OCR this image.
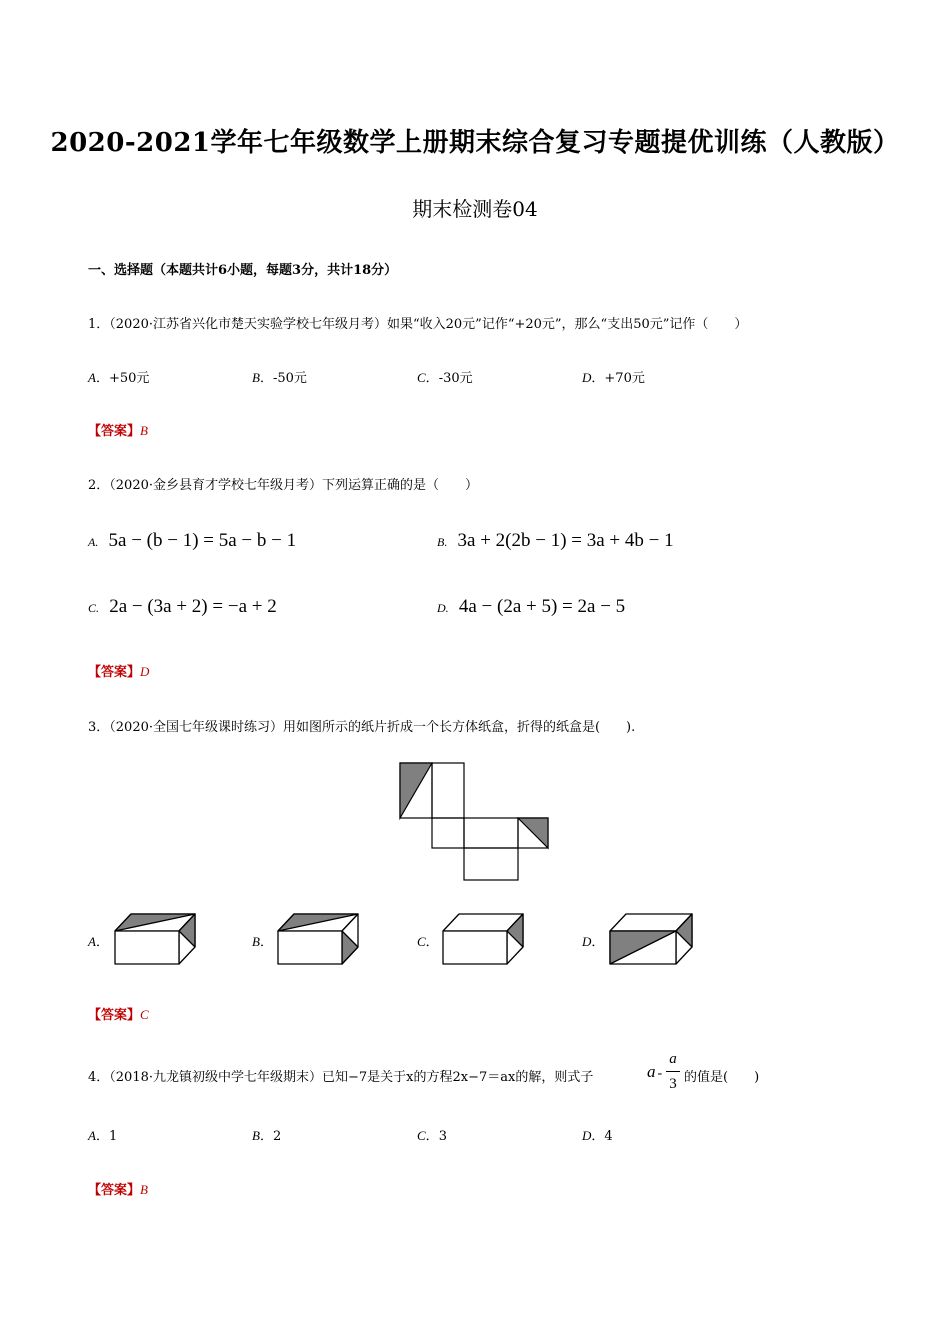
2020-2021学年七年级数学上册期末综合复习专题提优训练（人教版）
期末检测卷04
一、选择题（本题共计6小题，每题3分，共计18分）
1．（2020·江苏省兴化市楚天实验学校七年级月考）如果“收入20元”记作“+20元”，那么“支出50元”记作（　　）
A．+50元	B．-50元	C．-30元	D．+70元
【答案】B
2．（2020·金乡县育才学校七年级月考）下列运算正确的是（　　）
A. 5a − (b − 1) = 5a − b − 1	B. 3a + 2(2b − 1) = 3a + 4b − 1
C. 2a − (3a + 2) = −a + 2	D. 4a − (2a + 5) = 2a − 5
【答案】D
3．（2020·全国七年级课时练习）用如图所示的纸片折成一个长方体纸盒，折得的纸盒是(　　).
A．	B．	C．	D．
【答案】C
4．（2018·九龙镇初级中学七年级期末）已知−7是关于x的方程2x−7＝ax的解，则式子	a -
a
3 的值是(　　)
A．1	B．2	C．3	D．4
【答案】B
